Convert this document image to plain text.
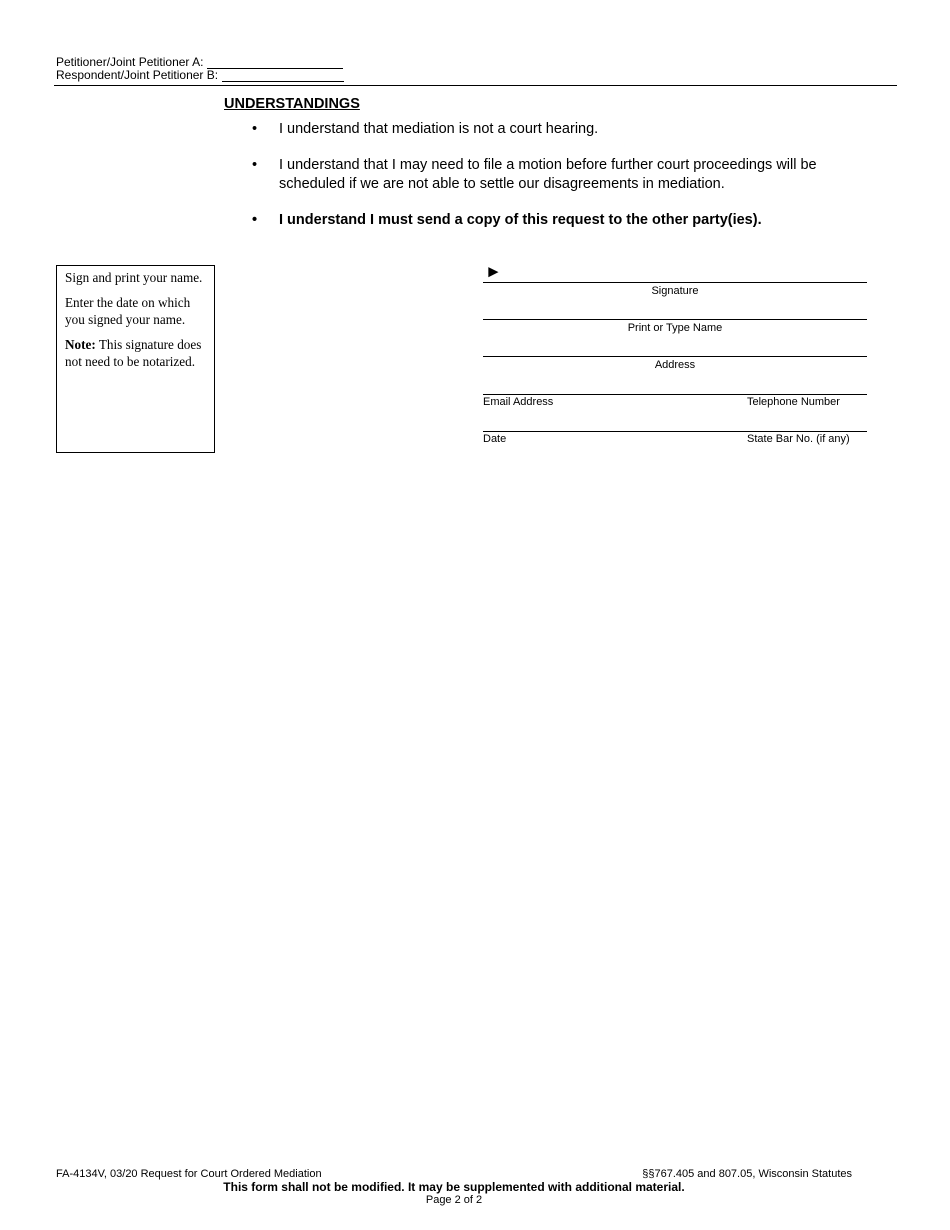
Petitioner/Joint Petitioner A:
Respondent/Joint Petitioner B:
UNDERSTANDINGS
• I understand that mediation is not a court hearing.
• I understand that I may need to file a motion before further court proceedings will be scheduled if we are not able to settle our disagreements in mediation.
• I understand I must send a copy of this request to the other party(ies).

Sign and print your name.

Enter the date on which you signed your name.

Note: This signature does not need to be notarized.

►
Signature
Print or Type Name
Address
Email Address	Telephone Number
Date	State Bar No. (if any)
FA-4134V, 03/20 Request for Court Ordered Mediation	§§767.405 and 807.05, Wisconsin Statutes
This form shall not be modified. It may be supplemented with additional material.
Page 2 of 2
